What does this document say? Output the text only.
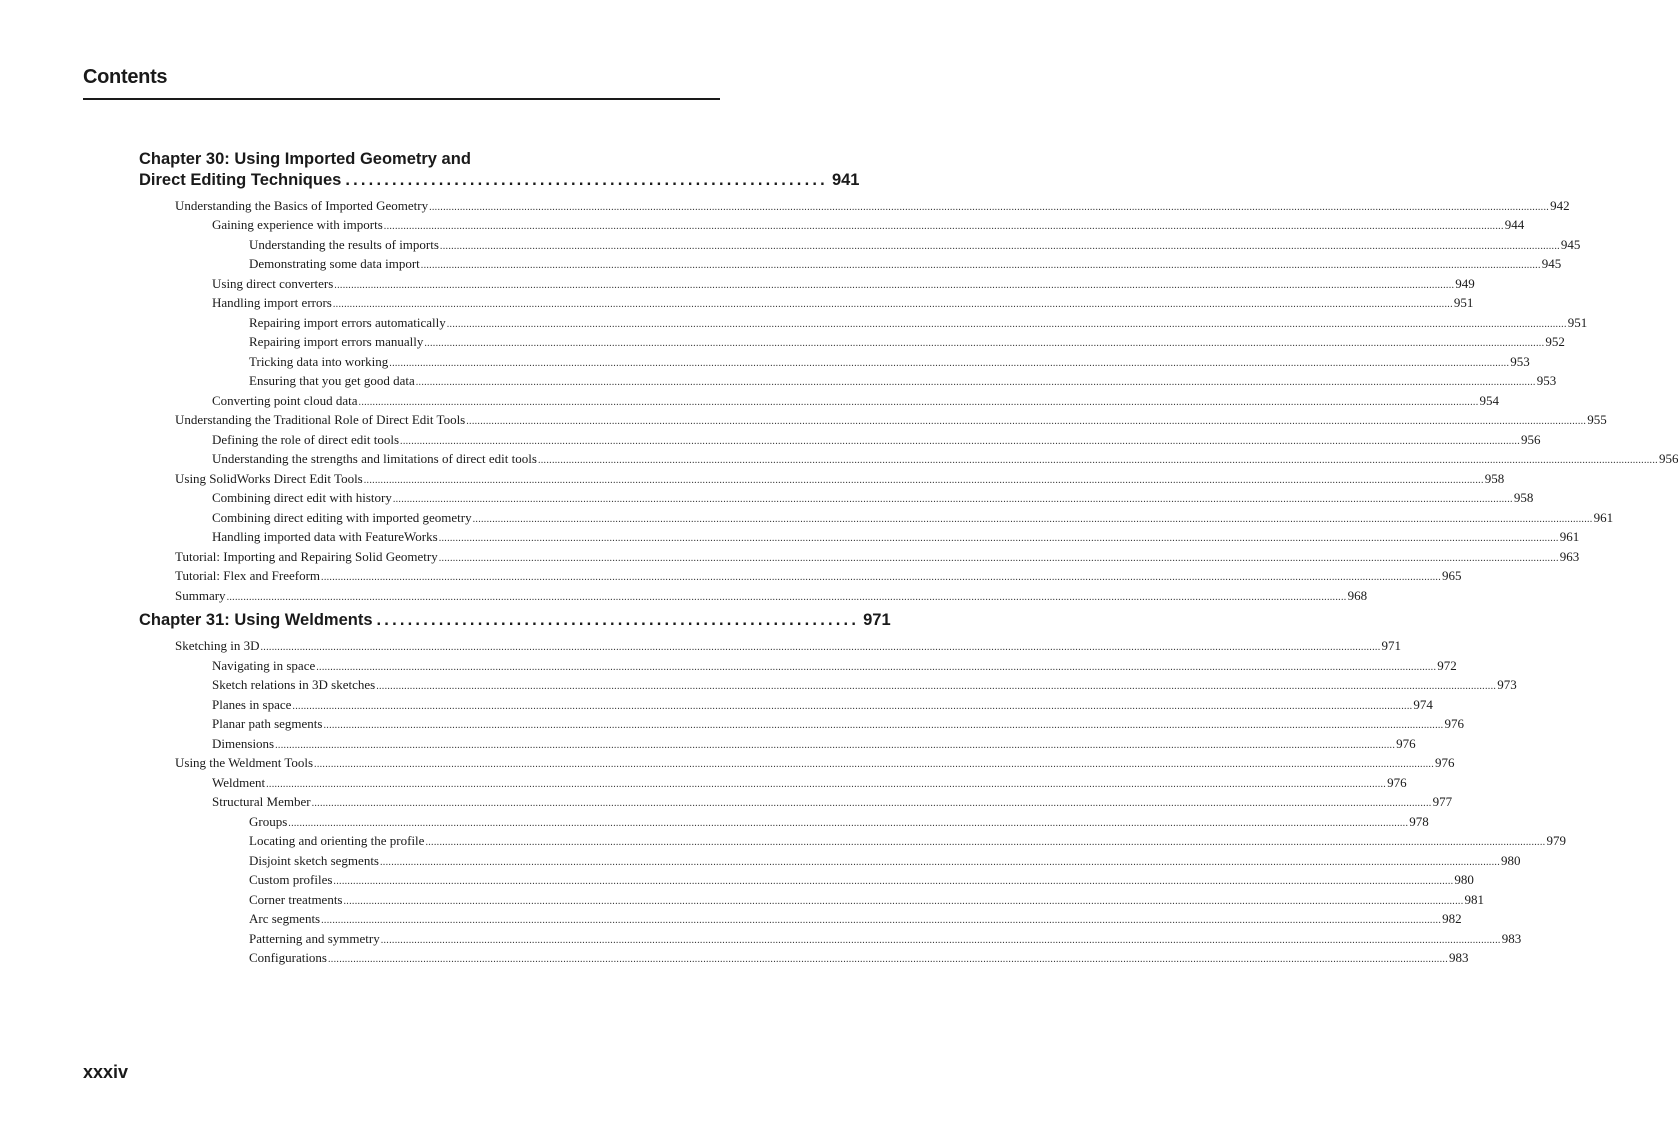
Contents
Chapter 30: Using Imported Geometry and
Direct Editing Techniques .............................................................. 941
Understanding the Basics of Imported Geometry ................................................................................................................................................................................................................................................................................................................................................................................................................ 942
Gaining experience with imports ................................................................................................................................................................................................................................................................................................................................................................................................................ 944
Understanding the results of imports ................................................................................................................................................................................................................................................................................................................................................................................................................ 945
Demonstrating some data import ................................................................................................................................................................................................................................................................................................................................................................................................................ 945
Using direct converters ................................................................................................................................................................................................................................................................................................................................................................................................................ 949
Handling import errors ................................................................................................................................................................................................................................................................................................................................................................................................................ 951
Repairing import errors automatically ................................................................................................................................................................................................................................................................................................................................................................................................................ 951
Repairing import errors manually ................................................................................................................................................................................................................................................................................................................................................................................................................ 952
Tricking data into working ................................................................................................................................................................................................................................................................................................................................................................................................................ 953
Ensuring that you get good data ................................................................................................................................................................................................................................................................................................................................................................................................................ 953
Converting point cloud data ................................................................................................................................................................................................................................................................................................................................................................................................................ 954
Understanding the Traditional Role of Direct Edit Tools ................................................................................................................................................................................................................................................................................................................................................................................................................ 955
Defining the role of direct edit tools ................................................................................................................................................................................................................................................................................................................................................................................................................ 956
Understanding the strengths and limitations of direct edit tools ................................................................................................................................................................................................................................................................................................................................................................................................................ 956
Using SolidWorks Direct Edit Tools ................................................................................................................................................................................................................................................................................................................................................................................................................ 958
Combining direct edit with history ................................................................................................................................................................................................................................................................................................................................................................................................................ 958
Combining direct editing with imported geometry ................................................................................................................................................................................................................................................................................................................................................................................................................ 961
Handling imported data with FeatureWorks ................................................................................................................................................................................................................................................................................................................................................................................................................ 961
Tutorial: Importing and Repairing Solid Geometry ................................................................................................................................................................................................................................................................................................................................................................................................................ 963
Tutorial: Flex and Freeform ................................................................................................................................................................................................................................................................................................................................................................................................................ 965
Summary ................................................................................................................................................................................................................................................................................................................................................................................................................ 968
Chapter 31: Using Weldments .............................................................. 971
Sketching in 3D ................................................................................................................................................................................................................................................................................................................................................................................................................ 971
Navigating in space ................................................................................................................................................................................................................................................................................................................................................................................................................ 972
Sketch relations in 3D sketches ................................................................................................................................................................................................................................................................................................................................................................................................................ 973
Planes in space ................................................................................................................................................................................................................................................................................................................................................................................................................ 974
Planar path segments ................................................................................................................................................................................................................................................................................................................................................................................................................ 976
Dimensions ................................................................................................................................................................................................................................................................................................................................................................................................................ 976
Using the Weldment Tools ................................................................................................................................................................................................................................................................................................................................................................................................................ 976
Weldment ................................................................................................................................................................................................................................................................................................................................................................................................................ 976
Structural Member ................................................................................................................................................................................................................................................................................................................................................................................................................ 977
Groups ................................................................................................................................................................................................................................................................................................................................................................................................................ 978
Locating and orienting the profile ................................................................................................................................................................................................................................................................................................................................................................................................................ 979
Disjoint sketch segments ................................................................................................................................................................................................................................................................................................................................................................................................................ 980
Custom profiles ................................................................................................................................................................................................................................................................................................................................................................................................................ 980
Corner treatments ................................................................................................................................................................................................................................................................................................................................................................................................................ 981
Arc segments ................................................................................................................................................................................................................................................................................................................................................................................................................ 982
Patterning and symmetry ................................................................................................................................................................................................................................................................................................................................................................................................................ 983
Configurations ................................................................................................................................................................................................................................................................................................................................................................................................................ 983
xxxiv
